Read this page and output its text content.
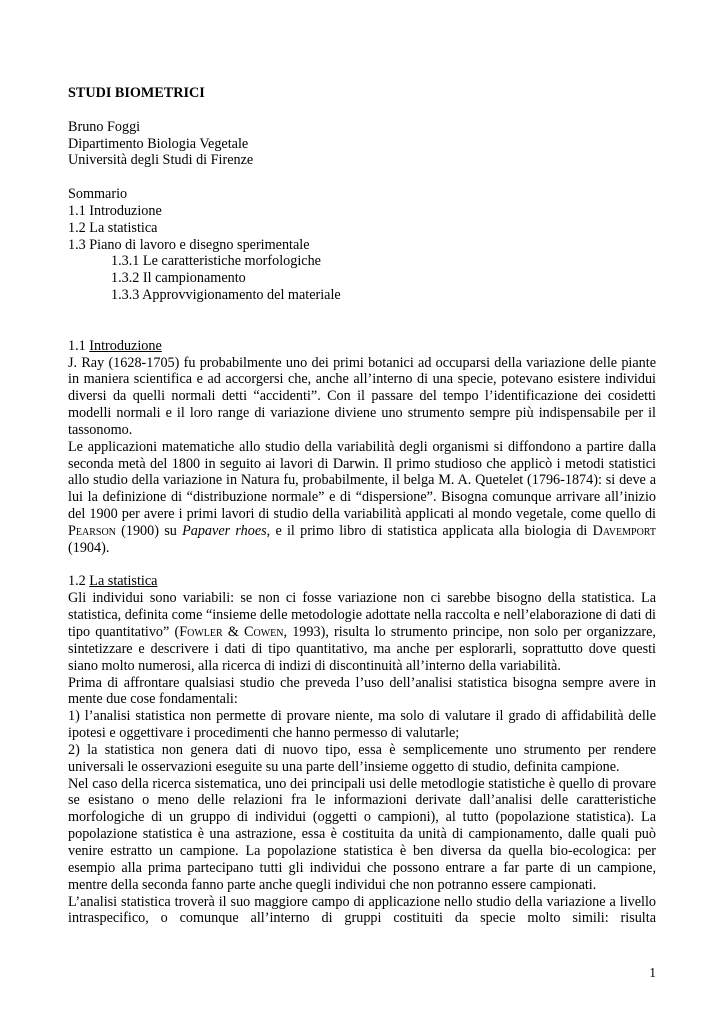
STUDI BIOMETRICI
Bruno Foggi
Dipartimento Biologia Vegetale
Università degli Studi di Firenze
Sommario
1.1 Introduzione
1.2 La statistica
1.3 Piano di lavoro e disegno sperimentale
1.3.1 Le caratteristiche morfologiche
1.3.2 Il campionamento
1.3.3 Approvvigionamento del materiale
1.1 Introduzione

J. Ray (1628-1705) fu probabilmente uno dei primi botanici ad occuparsi della variazione delle piante in maniera scientifica e ad accorgersi che, anche all’interno di una specie, potevano esistere individui diversi da quelli normali detti “accidenti”. Con il passare del tempo l’identificazione dei cosidetti modelli normali e il loro range di variazione diviene uno strumento sempre più indispensabile per il tassonomo.

Le applicazioni matematiche allo studio della variabilità degli organismi si diffondono a partire dalla seconda metà del 1800 in seguito ai lavori di Darwin. Il primo studioso che applicò i metodi statistici allo studio della variazione in Natura fu, probabilmente, il belga M. A. Quetelet (1796-1874): si deve a lui la definizione di “distribuzione normale” e di “dispersione”. Bisogna comunque arrivare all’inizio del 1900 per avere i primi lavori di studio della variabilità applicati al mondo vegetale, come quello di Pearson (1900) su Papaver rhoes, e il primo libro di statistica applicata alla biologia di Davemport (1904).

1.2 La statistica

Gli individui sono variabili: se non ci fosse variazione non ci sarebbe bisogno della statistica. La statistica, definita come “insieme delle metodologie adottate nella raccolta e nell’elaborazione di dati di tipo quantitativo” (Fowler & Cowen, 1993), risulta lo strumento principe, non solo per organizzare, sintetizzare e descrivere i dati di tipo quantitativo, ma anche per esplorarli, soprattutto dove questi siano molto numerosi, alla ricerca di indizi di discontinuità all’interno della variabilità.

Prima di affrontare qualsiasi studio che preveda l’uso dell’analisi statistica bisogna sempre avere in mente due cose fondamentali:

1) l’analisi statistica non permette di provare niente, ma solo di valutare il grado di affidabilità delle ipotesi e oggettivare i procedimenti che hanno permesso di valutarle;

2) la statistica non genera dati di nuovo tipo, essa è semplicemente uno strumento per rendere universali le osservazioni eseguite su una parte dell’insieme oggetto di studio, definita campione.

Nel caso della ricerca sistematica, uno dei principali usi delle metodlogie statistiche è quello di provare se esistano o meno delle relazioni fra le informazioni derivate dall’analisi delle caratteristiche morfologiche di un gruppo di individui (oggetti o campioni), al tutto (popolazione statistica). La popolazione statistica è una astrazione, essa è costituita da unità di campionamento, dalle quali può venire estratto un campione. La popolazione statistica è ben diversa da quella bio-ecologica: per esempio alla prima partecipano tutti gli individui che possono entrare a far parte di un campione, mentre della seconda fanno parte anche quegli individui che non potranno essere campionati.

L’analisi statistica troverà il suo maggiore campo di applicazione nello studio della variazione a livello intraspecifico, o comunque all’interno di gruppi costituiti da specie molto simili: risulta

1
